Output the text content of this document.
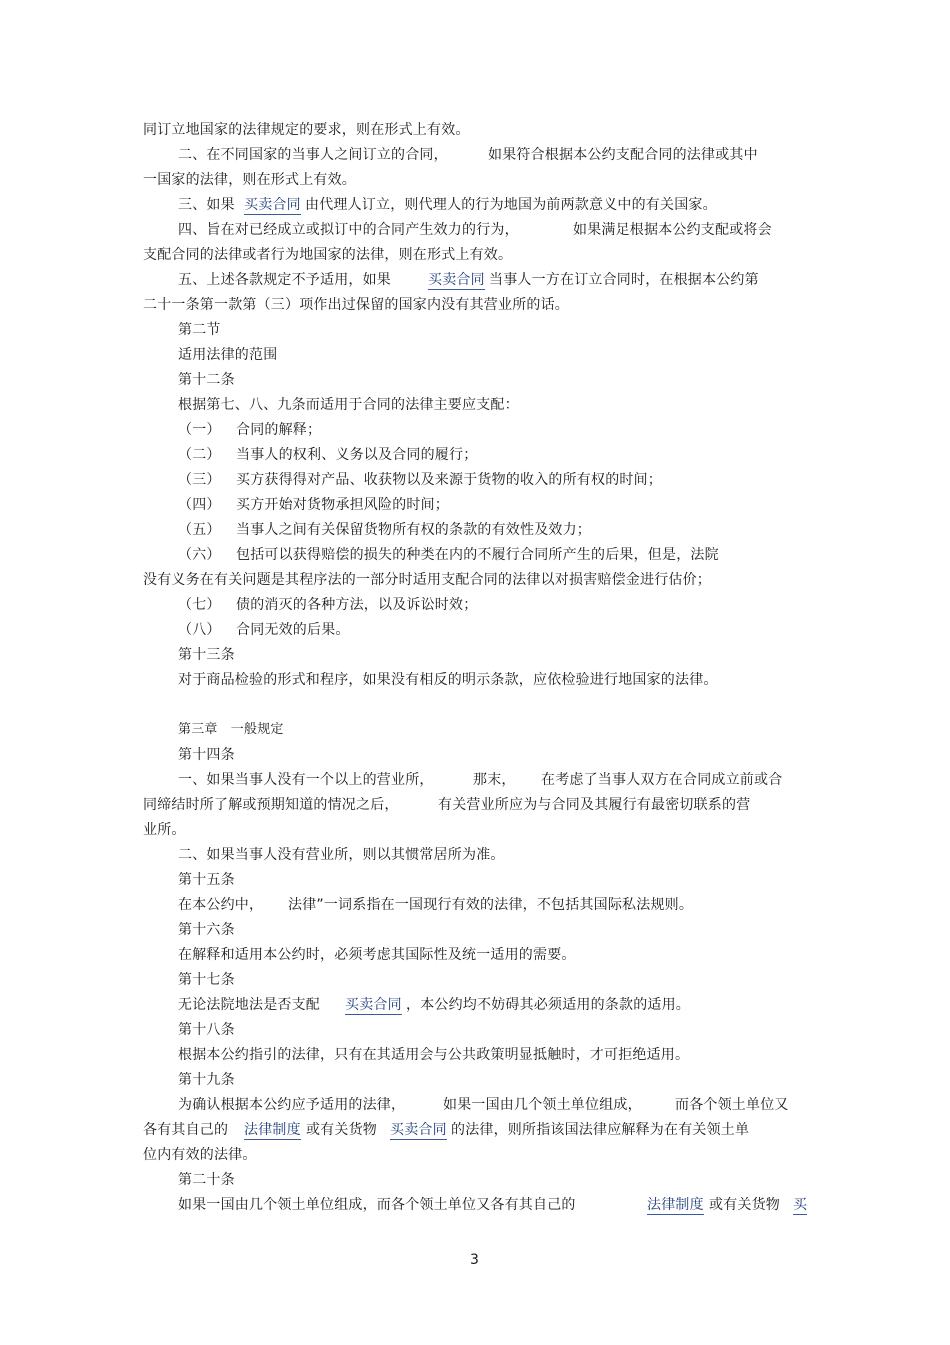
同订立地国家的法律规定的要求，则在形式上有效。
二、在不同国家的当事人之间订立的合同，	如果符合根据本公约支配合同的法律或其中
一国家的法律，则在形式上有效。
三、如果 买卖合同 由代理人订立，则代理人的行为地国为前两款意义中的有关国家。
四、旨在对已经成立或拟订中的合同产生效力的行为，	如果满足根据本公约支配或将会
支配合同的法律或者行为地国家的法律，则在形式上有效。
五、上述各款规定不予适用，如果	买卖合同 当事人一方在订立合同时，在根据本公约第
二十一条第一款第（三）项作出过保留的国家内没有其营业所的话。
第二节
适用法律的范围
第十二条
根据第七、八、九条而适用于合同的法律主要应支配：
（一） 合同的解释；
（二） 当事人的权利、义务以及合同的履行；
（三） 买方获得得对产品、收获物以及来源于货物的收入的所有权的时间；
（四） 买方开始对货物承担风险的时间；
（五） 当事人之间有关保留货物所有权的条款的有效性及效力；
（六） 包括可以获得赔偿的损失的种类在内的不履行合同所产生的后果，但是，法院
没有义务在有关问题是其程序法的一部分时适用支配合同的法律以对损害赔偿金进行估价；
（七） 债的消灭的各种方法，以及诉讼时效；
（八） 合同无效的后果。
第十三条
对于商品检验的形式和程序，如果没有相反的明示条款，应依检验进行地国家的法律。
第三章　一般规定
第十四条
一、如果当事人没有一个以上的营业所，	那末， 在考虑了当事人双方在合同成立前或合
同缔结时所了解或预期知道的情况之后，	有关营业所应为与合同及其履行有最密切联系的营
业所。
二、如果当事人没有营业所，则以其惯常居所为准。
第十五条
在本公约中， 法律”一词系指在一国现行有效的法律，不包括其国际私法规则。
第十六条
在解释和适用本公约时，必须考虑其国际性及统一适用的需要。
第十七条
无论法院地法是否支配 买卖合同 ，本公约均不妨碍其必须适用的条款的适用。
第十八条
根据本公约指引的法律，只有在其适用会与公共政策明显抵触时，才可拒绝适用。
第十九条
为确认根据本公约应予适用的法律，	如果一国由几个领土单位组成， 而各个领土单位又
各有其自己的 法律制度 或有关货物 买卖合同 的法律，则所指该国法律应解释为在有关领土单
位内有效的法律。
第二十条
如果一国由几个领土单位组成，而各个领土单位又各有其自己的	法律制度 或有关货物 买
3
